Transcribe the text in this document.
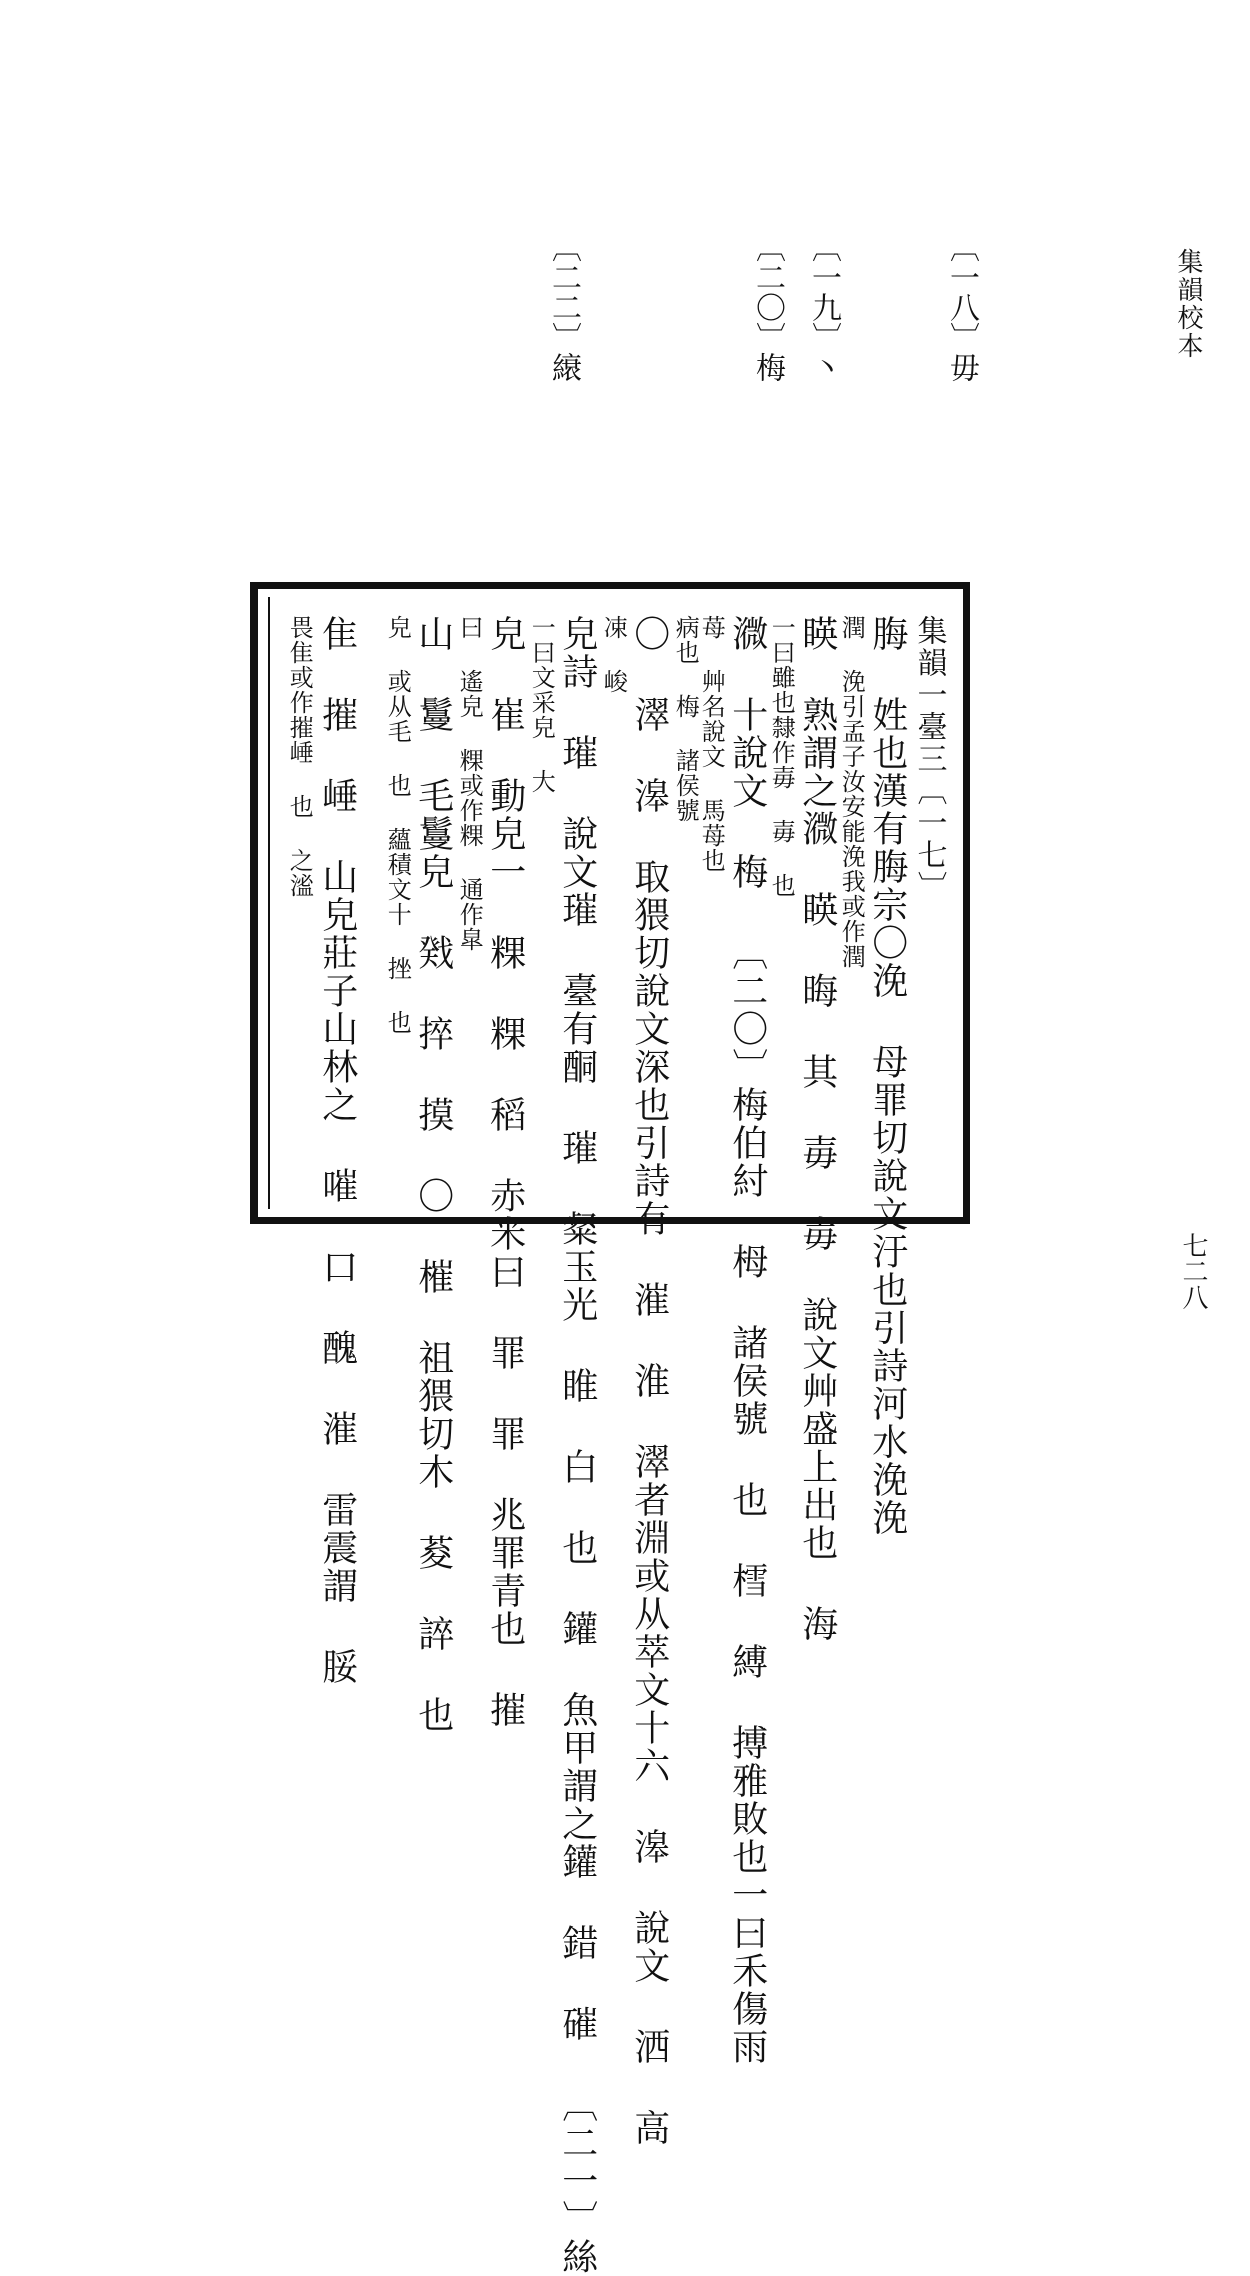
集韻校本
七二八
〔一八〕毋
〔一九〕丶
〔二〇〕梅
〔二二〕縗
集韻一臺三〔一七〕
脢 姓也漢有脢宗〇浼 母罪切說文汙也引詩河水浼浼
潤 浼引孟子汝安能浼我或作潤
䁐 熟謂之㵟 䁐 晦 其 毐 毐 說文艸盛上出也 海
一曰雖也隸作毐 毐 也
㵟 十說文 梅 〔二〇〕梅伯紂 栂 諸侯號 也 樰 縛 搏雅敗也一曰禾傷雨
苺 艸名說文 馬苺也
病也 梅 諸侯號
〇 濢 滜 取猥切說文深也引詩有 漼 淮 濢者淵或从萃文十六 滜 說文 洒 高
凁 峻
皃詩 璀 說文璀 臺有酮 璀 粲玉光 睢 白 也 鑵 魚甲謂之鑵 錯 磪 〔二一〕絲
一曰文采皃 大
皃 崔 動皃一 粿 粿 稻 赤米曰 罪 罪 兆罪青也 摧
曰 遙皃 粿或作粿 通作皐
山 鬘 毛鬘皃 戣 捽 摸 〇 槯 祖猥切木 荾 誶 也
皃 或从毛 也 蘊積文十 挫 也
隹 摧 崜 山皃莊子山林之 嗺 口 醜 漼 雷震謂 脮
畏隹或作摧崜 也 之㴵
